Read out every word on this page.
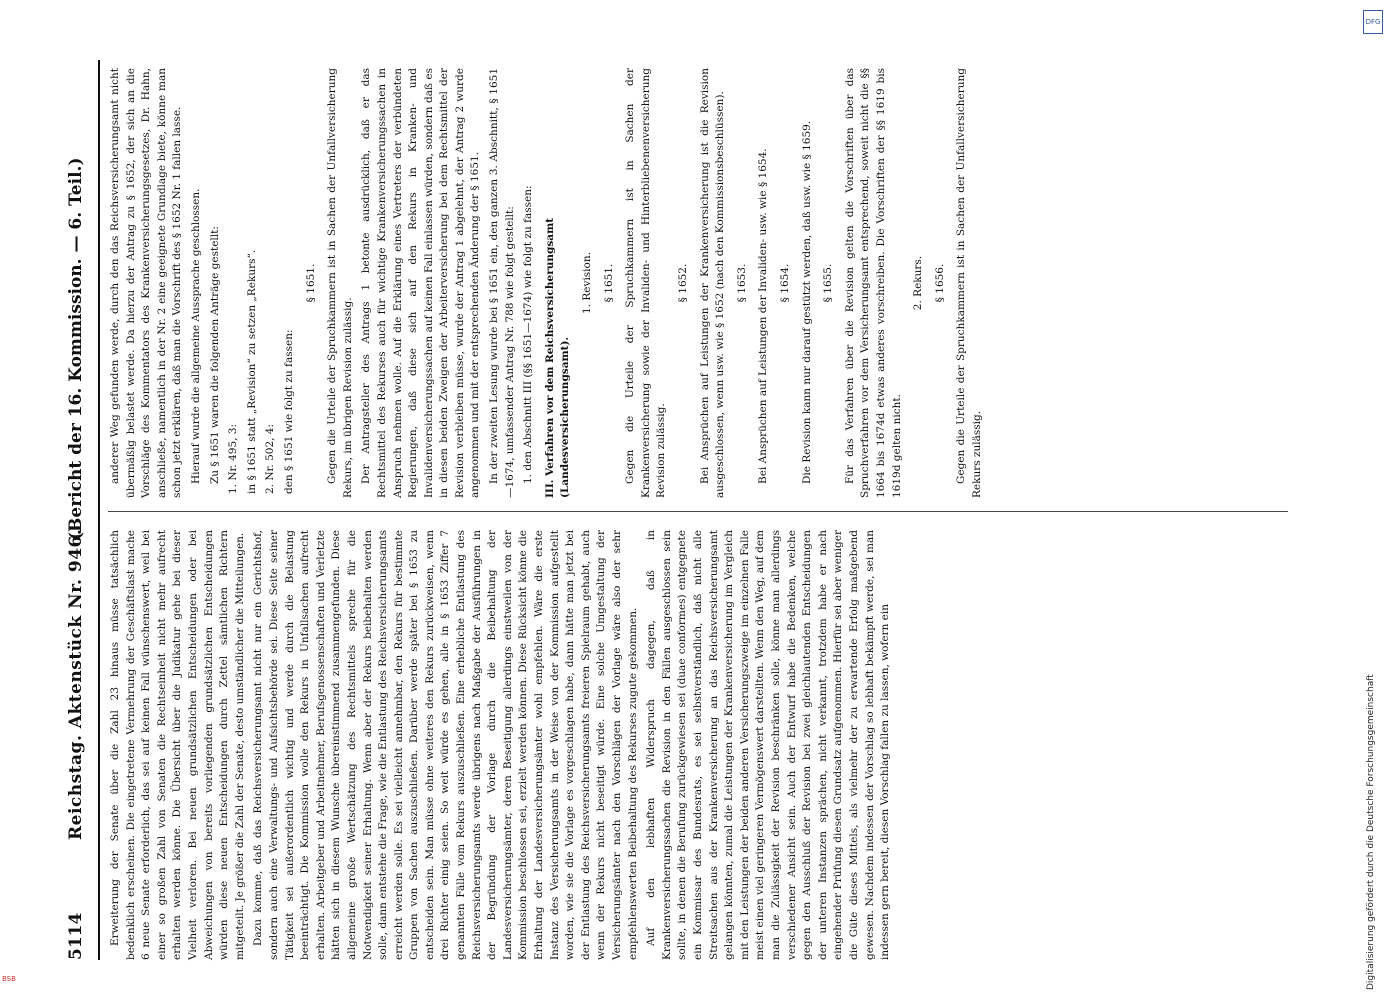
5114
Reichstag. Aktenstück Nr. 946.
(Bericht der 16. Kommission. — 6. Teil.)

Erweiterung der Senate über die Zahl 23 hinaus müsse tatsächlich bedenklich erscheinen. Die eingetretene Vermehrung der Geschäftslast mache 6 neue Senate erforderlich, das sei auf keinen Fall wünschenswert, weil bei einer so großen Zahl von Senaten die Rechtseinheit nicht mehr aufrecht erhalten werden könne. Die Übersicht über die Judikatur gehe bei dieser Vielheit verloren. Bei neuen grundsätzlichen Entscheidungen oder bei Abweichungen von bereits vorliegenden grundsätzlichen Entscheidungen würden diese neuen Entscheidungen durch Zettel sämtlichen Richtern mitgeteilt. Je größer die Zahl der Senate, desto umständlicher die Mitteilungen. Dazu komme, daß das Reichsversicherungsamt nicht nur ein Gerichtshof, sondern auch eine Verwaltungs- und Aufsichtsbehörde sei. Diese Seite seiner Tätigkeit sei außerordentlich wichtig und werde durch die Belastung beeinträchtigt. Die Kommission wolle den Rekurs in Unfallsachen aufrecht erhalten. Arbeitgeber und Arbeitnehmer, Berufsgenossenschaften und Verletzte hätten sich in diesem Wunsche übereinstimmend zusammengefunden. Diese allgemeine große Wertschätzung des Rechtsmittels spreche für die Notwendigkeit seiner Erhaltung. Wenn aber der Rekurs beibehalten werden solle, dann entstehe die Frage, wie die Entlastung des Reichsversicherungsamts erreicht werden solle. Es sei vielleicht annehmbar, den Rekurs für bestimmte Gruppen von Sachen auszuschließen. Darüber werde später bei § 1653 zu entscheiden sein. Man müsse ohne weiteres den Rekurs zurückweisen, wenn drei Richter einig seien. So weit würde es gehen, alle in § 1653 Ziffer 7 genannten Fälle vom Rekurs auszuschließen. Eine erhebliche Entlastung des Reichsversicherungsamts werde übrigens nach Maßgabe der Ausführungen in der Begründung der Vorlage durch die Beibehaltung der Landesversicherungsämter, deren Beseitigung allerdings einstweilen von der Kommission beschlossen sei, erzielt werden können. Diese Rücksicht könne die Erhaltung der Landesversicherungsämter wohl empfehlen. Wäre die erste Instanz des Versicherungsamts in der Weise von der Kommission aufgestellt worden, wie sie die Vorlage es vorgeschlagen habe, dann hätte man jetzt bei der Entlastung des Reichsversicherungsamts freieren Spielraum gehabt, auch wenn der Rekurs nicht beseitigt würde. Eine solche Umgestaltung der Versicherungsämter nach den Vorschlägen der Vorlage wäre also der sehr empfehlenswerten Beibehaltung des Rekurses zugute gekommen. Auf den lebhaften Widerspruch dagegen, daß in Krankenversicherungssachen die Revision in den Fällen ausgeschlossen sein sollte, in denen die Berufung zurückgewiesen sei (duae conformes) entgegnete ein Kommissar des Bundesrats, es sei selbstverständlich, daß nicht alle Streitsachen aus der Krankenversicherung an das Reichsversicherungsamt gelangen könnten, zumal die Leistungen der Krankenversicherung im Vergleich mit den Leistungen der beiden anderen Versicherungszweige im einzelnen Falle meist einen viel geringeren Vermögenswert darstellten. Wenn den Weg, auf dem man die Zulässigkeit der Revision beschränken solle, könne man allerdings verschiedener Ansicht sein. Auch der Entwurf habe die Bedenken, welche gegen den Ausschluß der Revision bei zwei gleichlautenden Entscheidungen der unteren Instanzen sprächen, nicht verkannt, trotzdem habe er nach eingehender Prüfung diesen Grundsatz aufgenommen. Hierfür sei aber weniger die Güte dieses Mittels, als vielmehr der zu erwartende Erfolg maßgebend gewesen. Nachdem indessen der Vorschlag so lebhaft bekämpft werde, sei man indessen gern bereit, diesen Vorschlag fallen zu lassen, wofern ein

anderer Weg gefunden werde, durch den das Reichsversicherungsamt nicht übermäßig belastet werde. Da hierzu der Antrag zu § 1652, der sich an die Vorschläge des Kommentators des Krankenversicherungsgesetzes, Dr. Hahn, anschließe, namentlich in der Nr. 2 eine geeignete Grundlage biete, könne man schon jetzt erklären, daß man die Vorschrift des § 1652 Nr. 1 fallen lasse. Hierauf wurde die allgemeine Aussprache geschlossen. Zu § 1651 waren die folgenden Anträge gestellt: 1. Nr. 495, 3: in § 1651 statt „Revision“ zu setzen „Rekurs“. 2. Nr. 502, 4: den § 1651 wie folgt zu fassen:

§ 1651. Gegen die Urteile der Spruchkammern ist in Sachen der Unfallversicherung Rekurs, im übrigen Revision zulässig. Der Antragsteller des Antrags 1 betonte ausdrücklich, daß er das Rechtsmittel des Rekurses auch für wichtige Krankenversicherungssachen in Anspruch nehmen wolle. Auf die Erklärung eines Vertreters der verbündeten Regierungen, daß diese sich auf den Rekurs in Kranken- und Invalidenversicherungssachen auf keinen Fall einlassen würden, sondern daß es in diesen beiden Zweigen der Arbeiterversicherung bei dem Rechtsmittel der Revision verbleiben müsse, wurde der Antrag 1 abgelehnt, der Antrag 2 wurde angenommen und mit der entsprechenden Änderung der § 1651. In der zweiten Lesung wurde bei § 1651 ein, den ganzen 3. Abschnitt, § 1651—1674, umfassender Antrag Nr. 788 wie folgt gestellt: 1. den Abschnitt III (§§ 1651—1674) wie folgt zu fassen: III. Verfahren vor dem Reichsversicherungsamt (Landesversicherungsamt).

1. Revision. § 1651. Gegen die Urteile der Spruchkammern ist in Sachen der Krankenversicherung sowie der Invaliden- und Hinterbliebenenversicherung Revision zulässig.

§ 1652. Bei Ansprüchen auf Leistungen der Krankenversicherung ist die Revision ausgeschlossen, wenn usw. wie § 1652 (nach den Kommissionsbeschlüssen). § 1653. Bei Ansprüchen auf Leistungen der Invaliden- usw. wie § 1654. § 1654. Die Revision kann nur darauf gestützt werden, daß usw. wie § 1659. § 1655. Für das Verfahren über die Revision gelten die Vorschriften über das Spruchverfahren vor dem Versicherungsamt entsprechend, soweit nicht die §§ 1664 bis 1674d etwas anderes vorschreiben. Die Vorschriften der §§ 1619 bis 1619d gelten nicht.

2. Rekurs. § 1656. Gegen die Urteile der Spruchkammern ist in Sachen der Unfallversicherung Rekurs zulässig.

DFG
Digitalisierung gefördert durch die Deutsche Forschungsgemeinschaft
BSB
